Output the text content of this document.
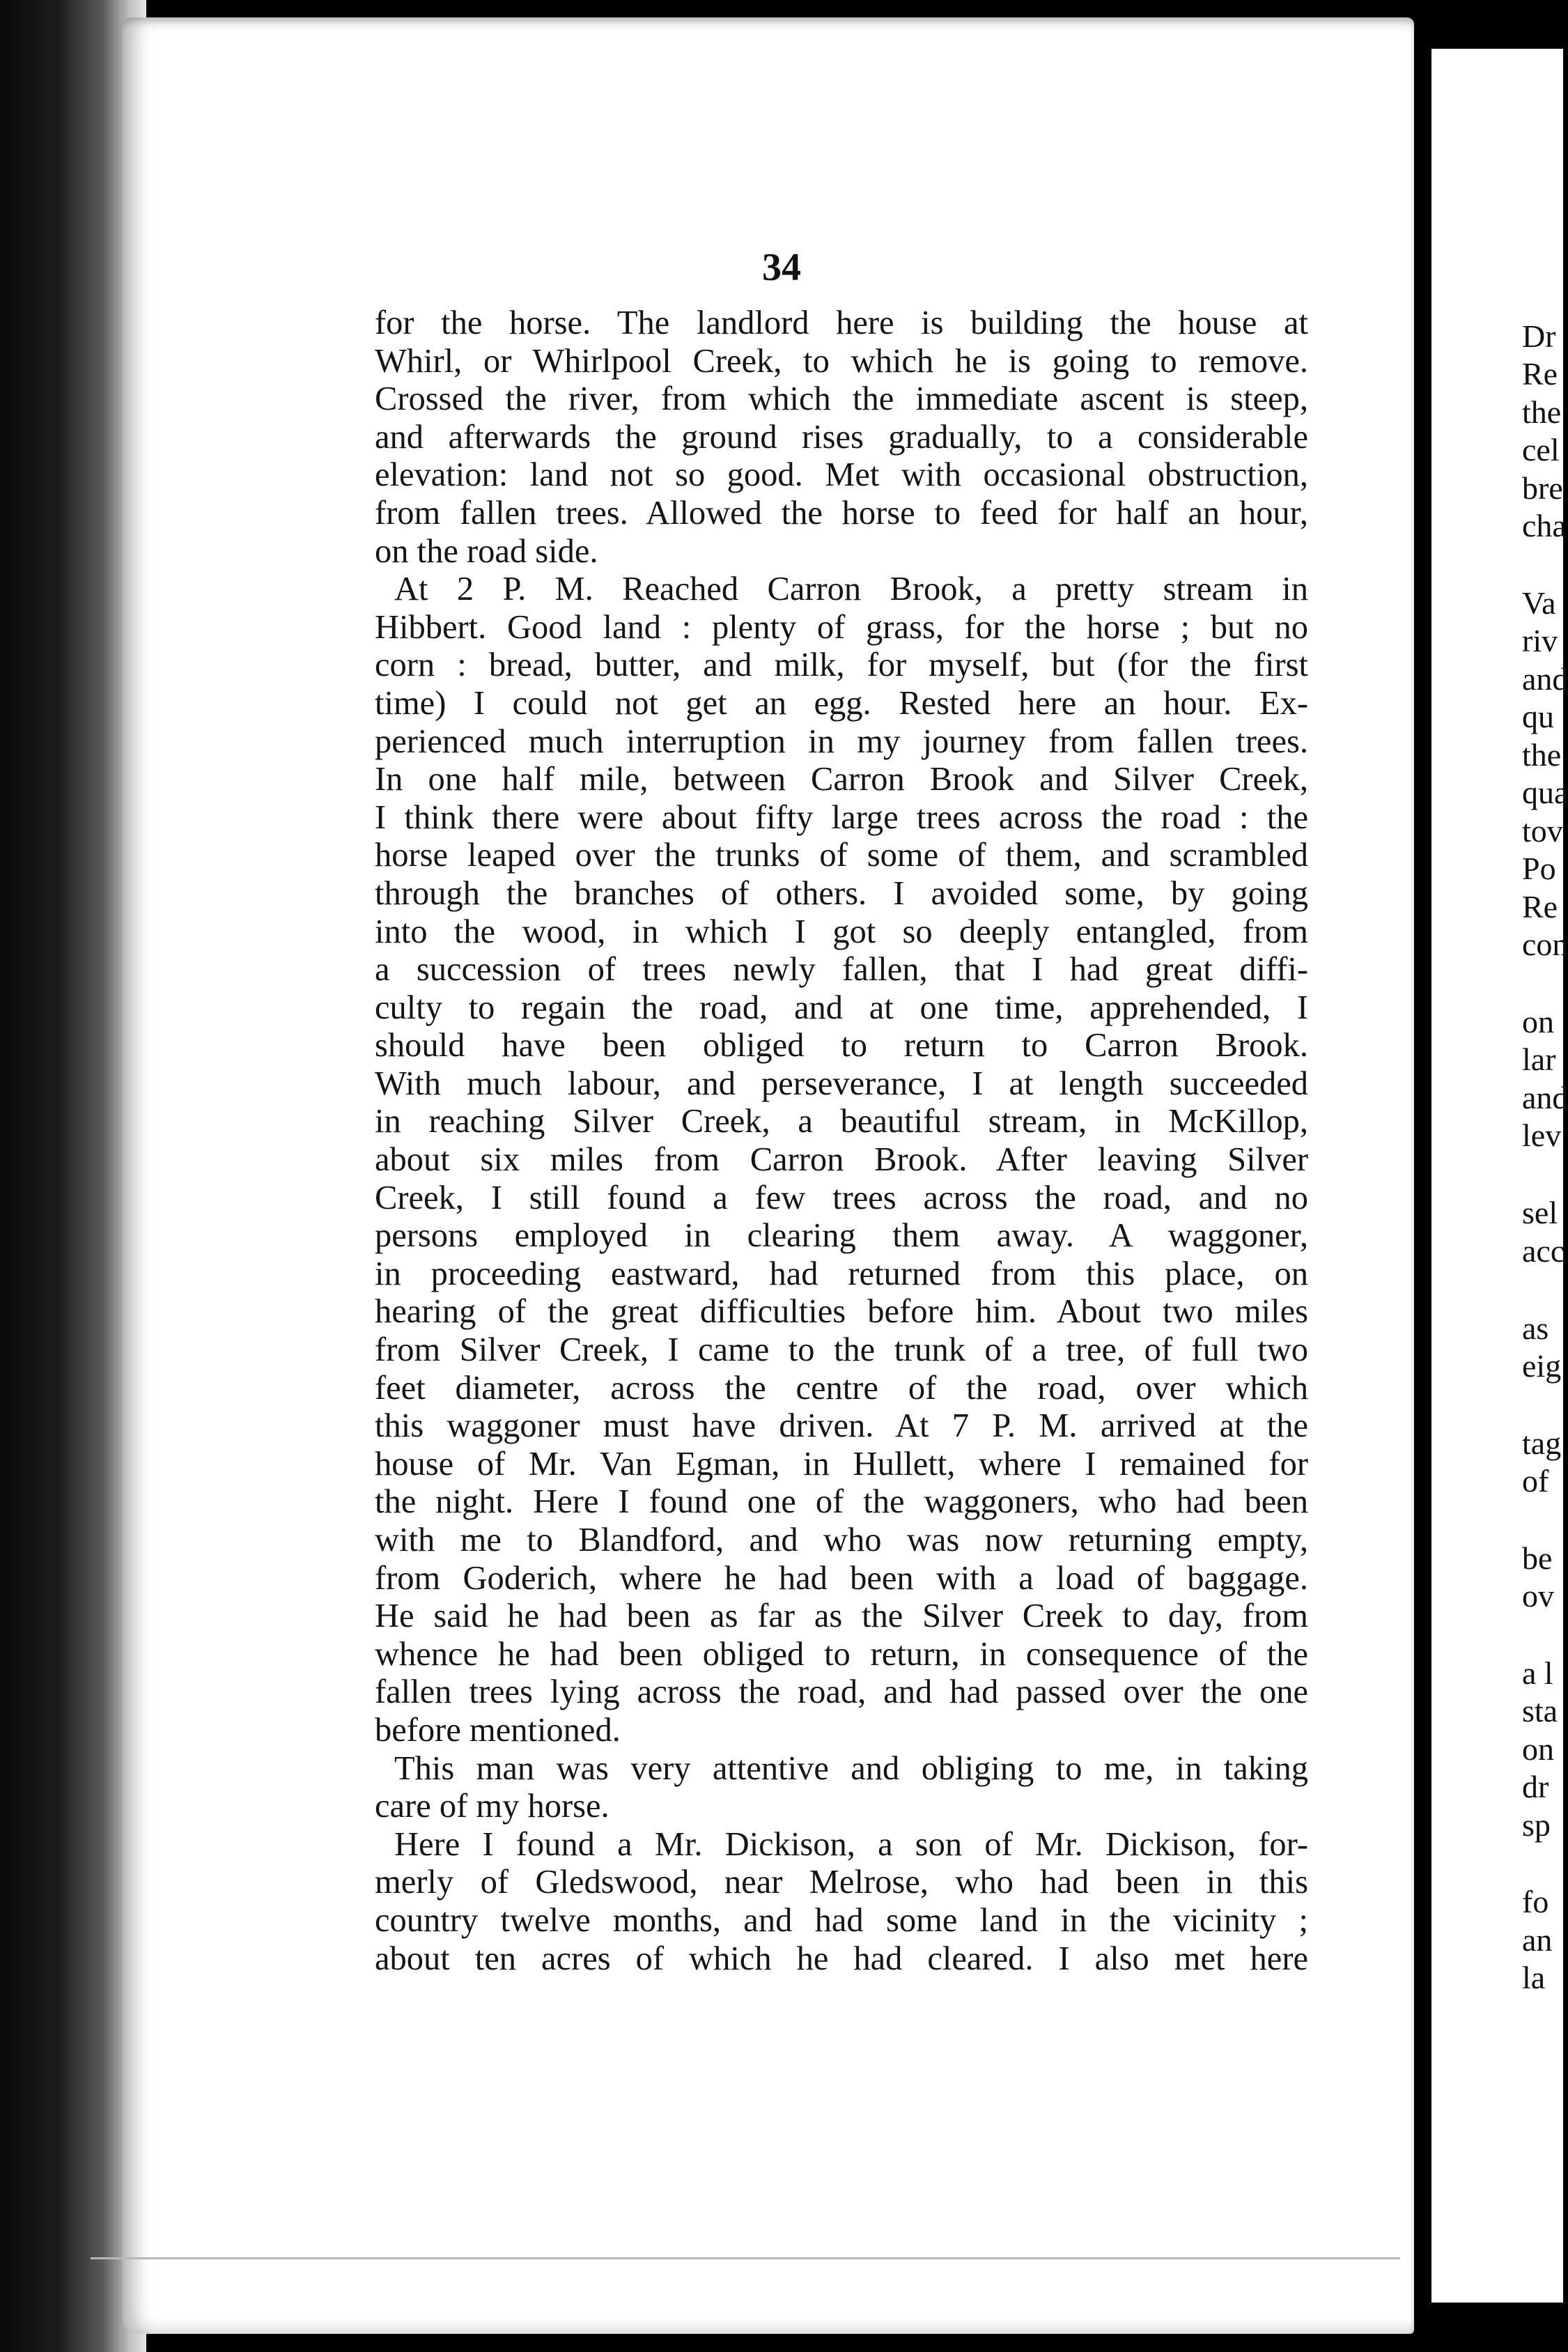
Dr
Re
the
cel
bre
cha
Va
riv
and
qu
the
qua
tov
Po
Re
con
on
lar
and
lev
sel
acc
as
eig
tag
of
be
ov
a l
sta
on
dr
sp
fo
an
la
34
for the horse. The landlord here is building the house at
Whirl, or Whirlpool Creek, to which he is going to remove.
Crossed the river, from which the immediate ascent is steep,
and afterwards the ground rises gradually, to a considerable
elevation: land not so good. Met with occasional obstruction,
from fallen trees. Allowed the horse to feed for half an hour,
on the road side.
At 2 P. M. Reached Carron Brook, a pretty stream in
Hibbert. Good land : plenty of grass, for the horse ; but no
corn : bread, butter, and milk, for myself, but (for the first
time) I could not get an egg. Rested here an hour. Ex-
perienced much interruption in my journey from fallen trees.
In one half mile, between Carron Brook and Silver Creek,
I think there were about fifty large trees across the road : the
horse leaped over the trunks of some of them, and scrambled
through the branches of others. I avoided some, by going
into the wood, in which I got so deeply entangled, from
a succession of trees newly fallen, that I had great diffi-
culty to regain the road, and at one time, apprehended, I
should have been obliged to return to Carron Brook.
With much labour, and perseverance, I at length succeeded
in reaching Silver Creek, a beautiful stream, in McKillop,
about six miles from Carron Brook. After leaving Silver
Creek, I still found a few trees across the road, and no
persons employed in clearing them away. A waggoner,
in proceeding eastward, had returned from this place, on
hearing of the great difficulties before him. About two miles
from Silver Creek, I came to the trunk of a tree, of full two
feet diameter, across the centre of the road, over which
this waggoner must have driven. At 7 P. M. arrived at the
house of Mr. Van Egman, in Hullett, where I remained for
the night. Here I found one of the waggoners, who had been
with me to Blandford, and who was now returning empty,
from Goderich, where he had been with a load of baggage.
He said he had been as far as the Silver Creek to day, from
whence he had been obliged to return, in consequence of the
fallen trees lying across the road, and had passed over the one
before mentioned.
This man was very attentive and obliging to me, in taking
care of my horse.
Here I found a Mr. Dickison, a son of Mr. Dickison, for-
merly of Gledswood, near Melrose, who had been in this
country twelve months, and had some land in the vicinity ;
about ten acres of which he had cleared. I also met here
